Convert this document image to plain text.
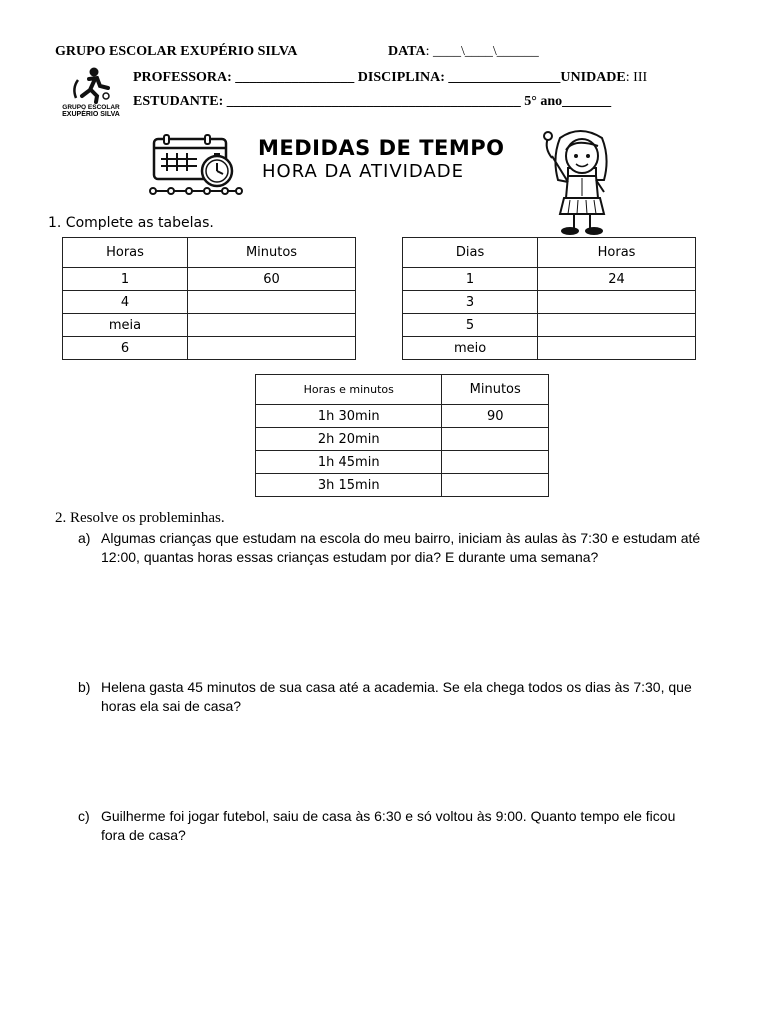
GRUPO ESCOLAR EXUPÉRIO SILVA	DATA: ____\____\______
PROFESSORA: _________________ DISCIPLINA: ________________UNIDADE: III
ESTUDANTE: __________________________________________ 5° ano_______
GRUPO ESCOLAR
EXUPÉRIO SILVA
MEDIDAS DE TEMPO
HORA DA ATIVIDADE
1. Complete as tabelas.
Horas	Minutos
1	60
4	
meia	
6	
Dias	Horas
1	24
3	
5	
meio	
Horas e minutos	Minutos
1h 30min	90
2h 20min	
1h 45min	
3h 15min	
2. Resolve os probleminhas.
a) Algumas crianças que estudam na escola do meu bairro, iniciam às aulas às 7:30 e estudam até 12:00, quantas horas essas crianças estudam por dia? E durante uma semana?
b) Helena gasta 45 minutos de sua casa até a academia. Se ela chega todos os dias às 7:30, que horas ela sai de casa?
c) Guilherme foi jogar futebol, saiu de casa às 6:30 e só voltou às 9:00. Quanto tempo ele ficou fora de casa?
